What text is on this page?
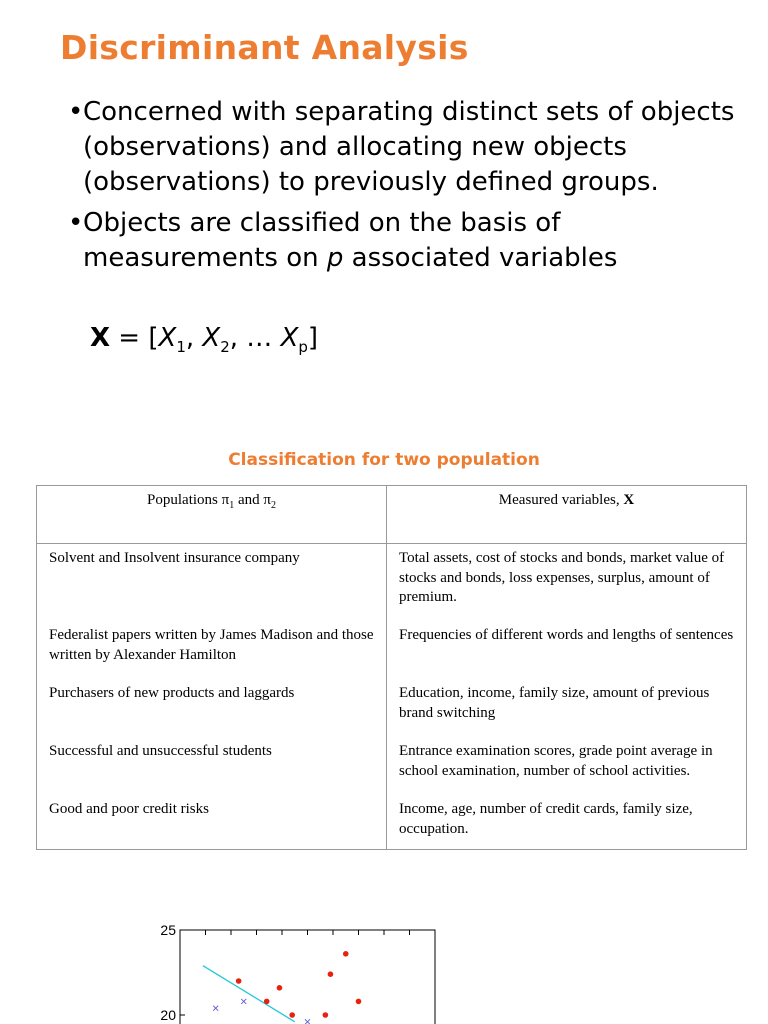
Discriminant Analysis
• Concerned with separating distinct sets of objects (observations) and allocating new objects (observations) to previously defined groups.
• Objects are classified on the basis of measurements on p associated variables
$X = [X_1$, $X_2$, … $X_p$]
Classification for two population
Populations $\pi_1$ and $\pi_2$	Measured variables, X
Solvent and Insolvent insurance company	Total assets, cost of stocks and bonds, market value of stocks and bonds, loss expenses, surplus, amount of premium.
Federalist papers written by James Madison and those written by Alexander Hamilton	Frequencies of different words and lengths of sentences
Purchasers of new products and laggards	Education, income, family size, amount of previous brand switching
Successful and unsuccessful students	Entrance examination scores, grade point average in school examination, number of school activities.
Good and poor credit risks	Income, age, number of credit cards, family size, occupation.
25
20
